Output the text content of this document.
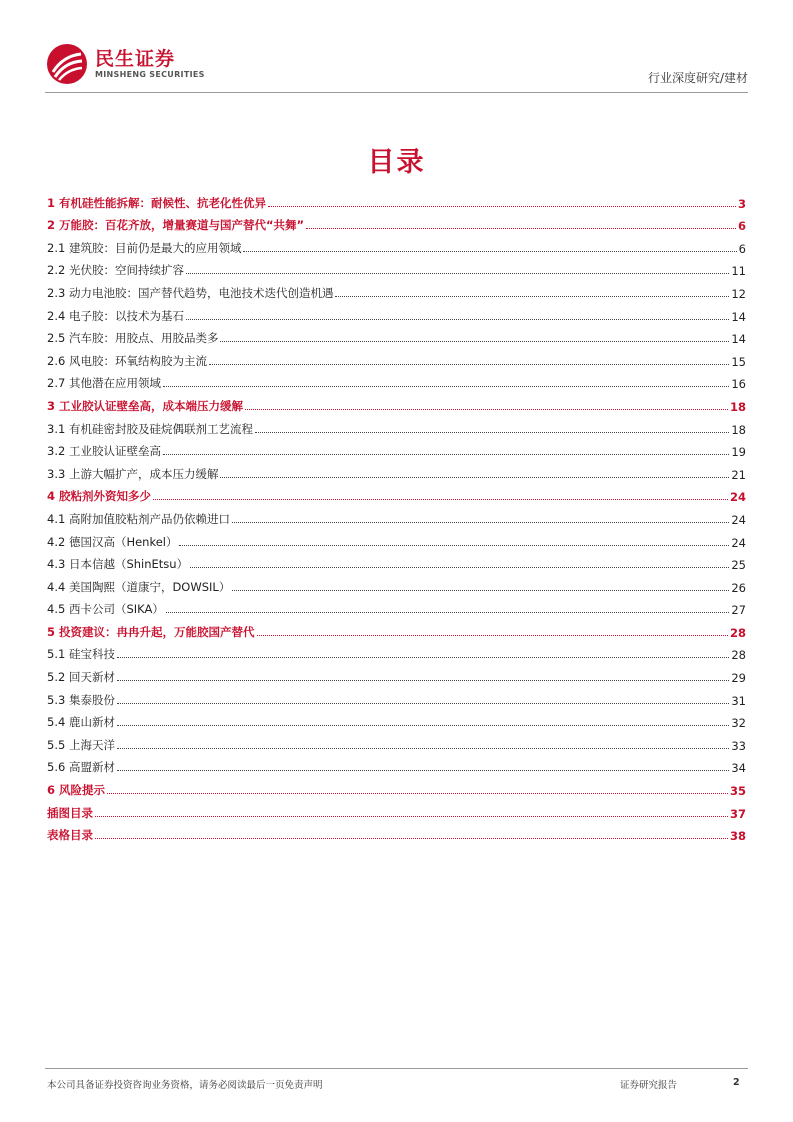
民生证券
MINSHENG SECURITIES	行业深度研究/建材
目录
1 有机硅性能拆解：耐候性、抗老化性优异	3
2 万能胶：百花齐放，增量赛道与国产替代“共舞”	6
2.1 建筑胶：目前仍是最大的应用领域	6
2.2 光伏胶：空间持续扩容	11
2.3 动力电池胶：国产替代趋势，电池技术迭代创造机遇	12
2.4 电子胶：以技术为基石	14
2.5 汽车胶：用胶点、用胶品类多	14
2.6 风电胶：环氧结构胶为主流	15
2.7 其他潜在应用领域	16
3 工业胶认证壁垒高，成本端压力缓解	18
3.1 有机硅密封胶及硅烷偶联剂工艺流程	18
3.2 工业胶认证壁垒高	19
3.3 上游大幅扩产，成本压力缓解	21
4 胶粘剂外资知多少	24
4.1 高附加值胶粘剂产品仍依赖进口	24
4.2 德国汉高（Henkel）	24
4.3 日本信越（ShinEtsu）	25
4.4 美国陶熙（道康宁，DOWSIL）	26
4.5 西卡公司（SIKA）	27
5 投资建议：冉冉升起，万能胶国产替代	28
5.1 硅宝科技	28
5.2 回天新材	29
5.3 集泰股份	31
5.4 鹿山新材	32
5.5 上海天洋	33
5.6 高盟新材	34
6 风险提示	35
插图目录	37
表格目录	38
本公司具备证券投资咨询业务资格，请务必阅读最后一页免责声明	证券研究报告	2
